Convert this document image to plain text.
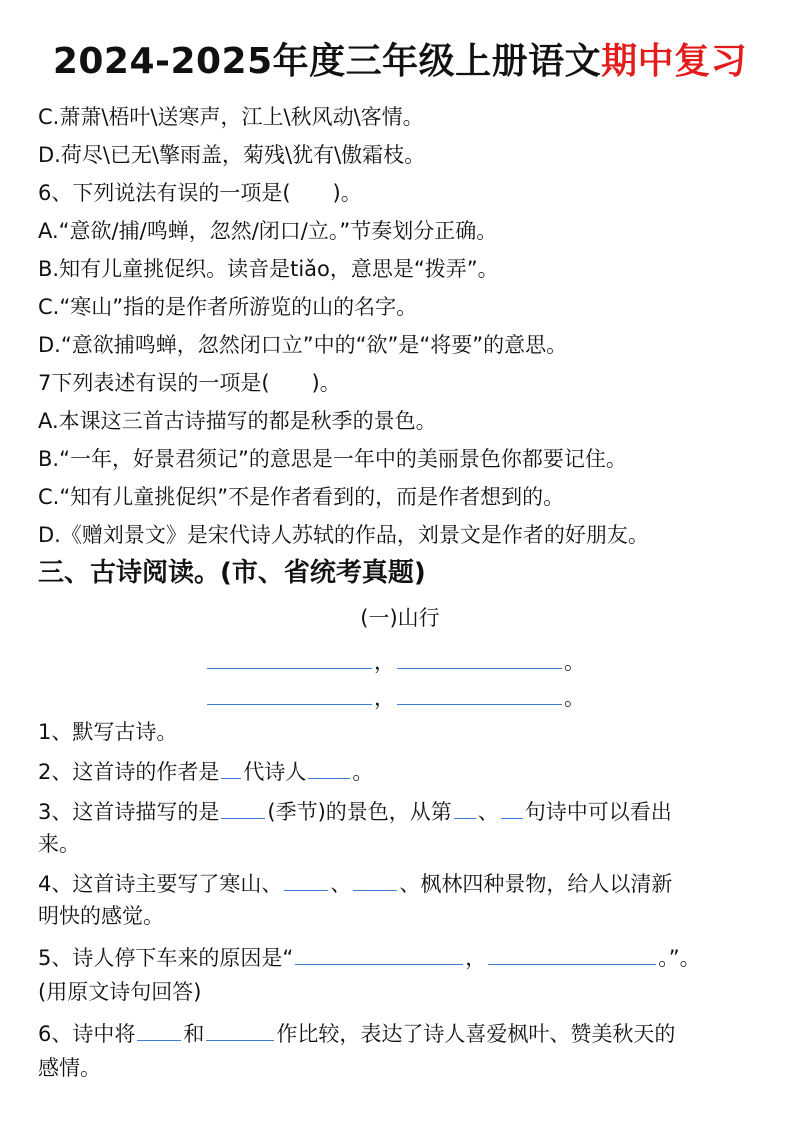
2024-2025年度三年级上册语文期中复习
C.萧萧\梧叶\送寒声，江上\秋风动\客情。
D.荷尽\已无\擎雨盖，菊残\犹有\傲霜枝。
6、下列说法有误的一项是(　　)。
A.“意欲/捕/鸣蝉，忽然/闭口/立。”节奏划分正确。
B.知有儿童挑促织。读音是tiǎo，意思是“拨弄”。
C.“寒山”指的是作者所游览的山的名字。
D.“意欲捕鸣蝉，忽然闭口立”中的“欲”是“将要”的意思。
7下列表述有误的一项是(　　)。
A.本课这三首古诗描写的都是秋季的景色。
B.“一年，好景君须记”的意思是一年中的美丽景色你都要记住。
C.“知有儿童挑促织”不是作者看到的，而是作者想到的。
D.《赠刘景文》是宋代诗人苏轼的作品，刘景文是作者的好朋友。
三、古诗阅读。(市、省统考真题)
(一)山行
，	。
，	。
1、默写古诗。
2、这首诗的作者是 代诗人 。
3、这首诗描写的是 (季节)的景色，从第 、 句诗中可以看出
来。
4、这首诗主要写了寒山、 、 、枫林四种景物，给人以清新
明快的感觉。
5、诗人停下车来的原因是“	，	。”。
(用原文诗句回答)
6、诗中将 和	作比较，表达了诗人喜爱枫叶、赞美秋天的
感情。
